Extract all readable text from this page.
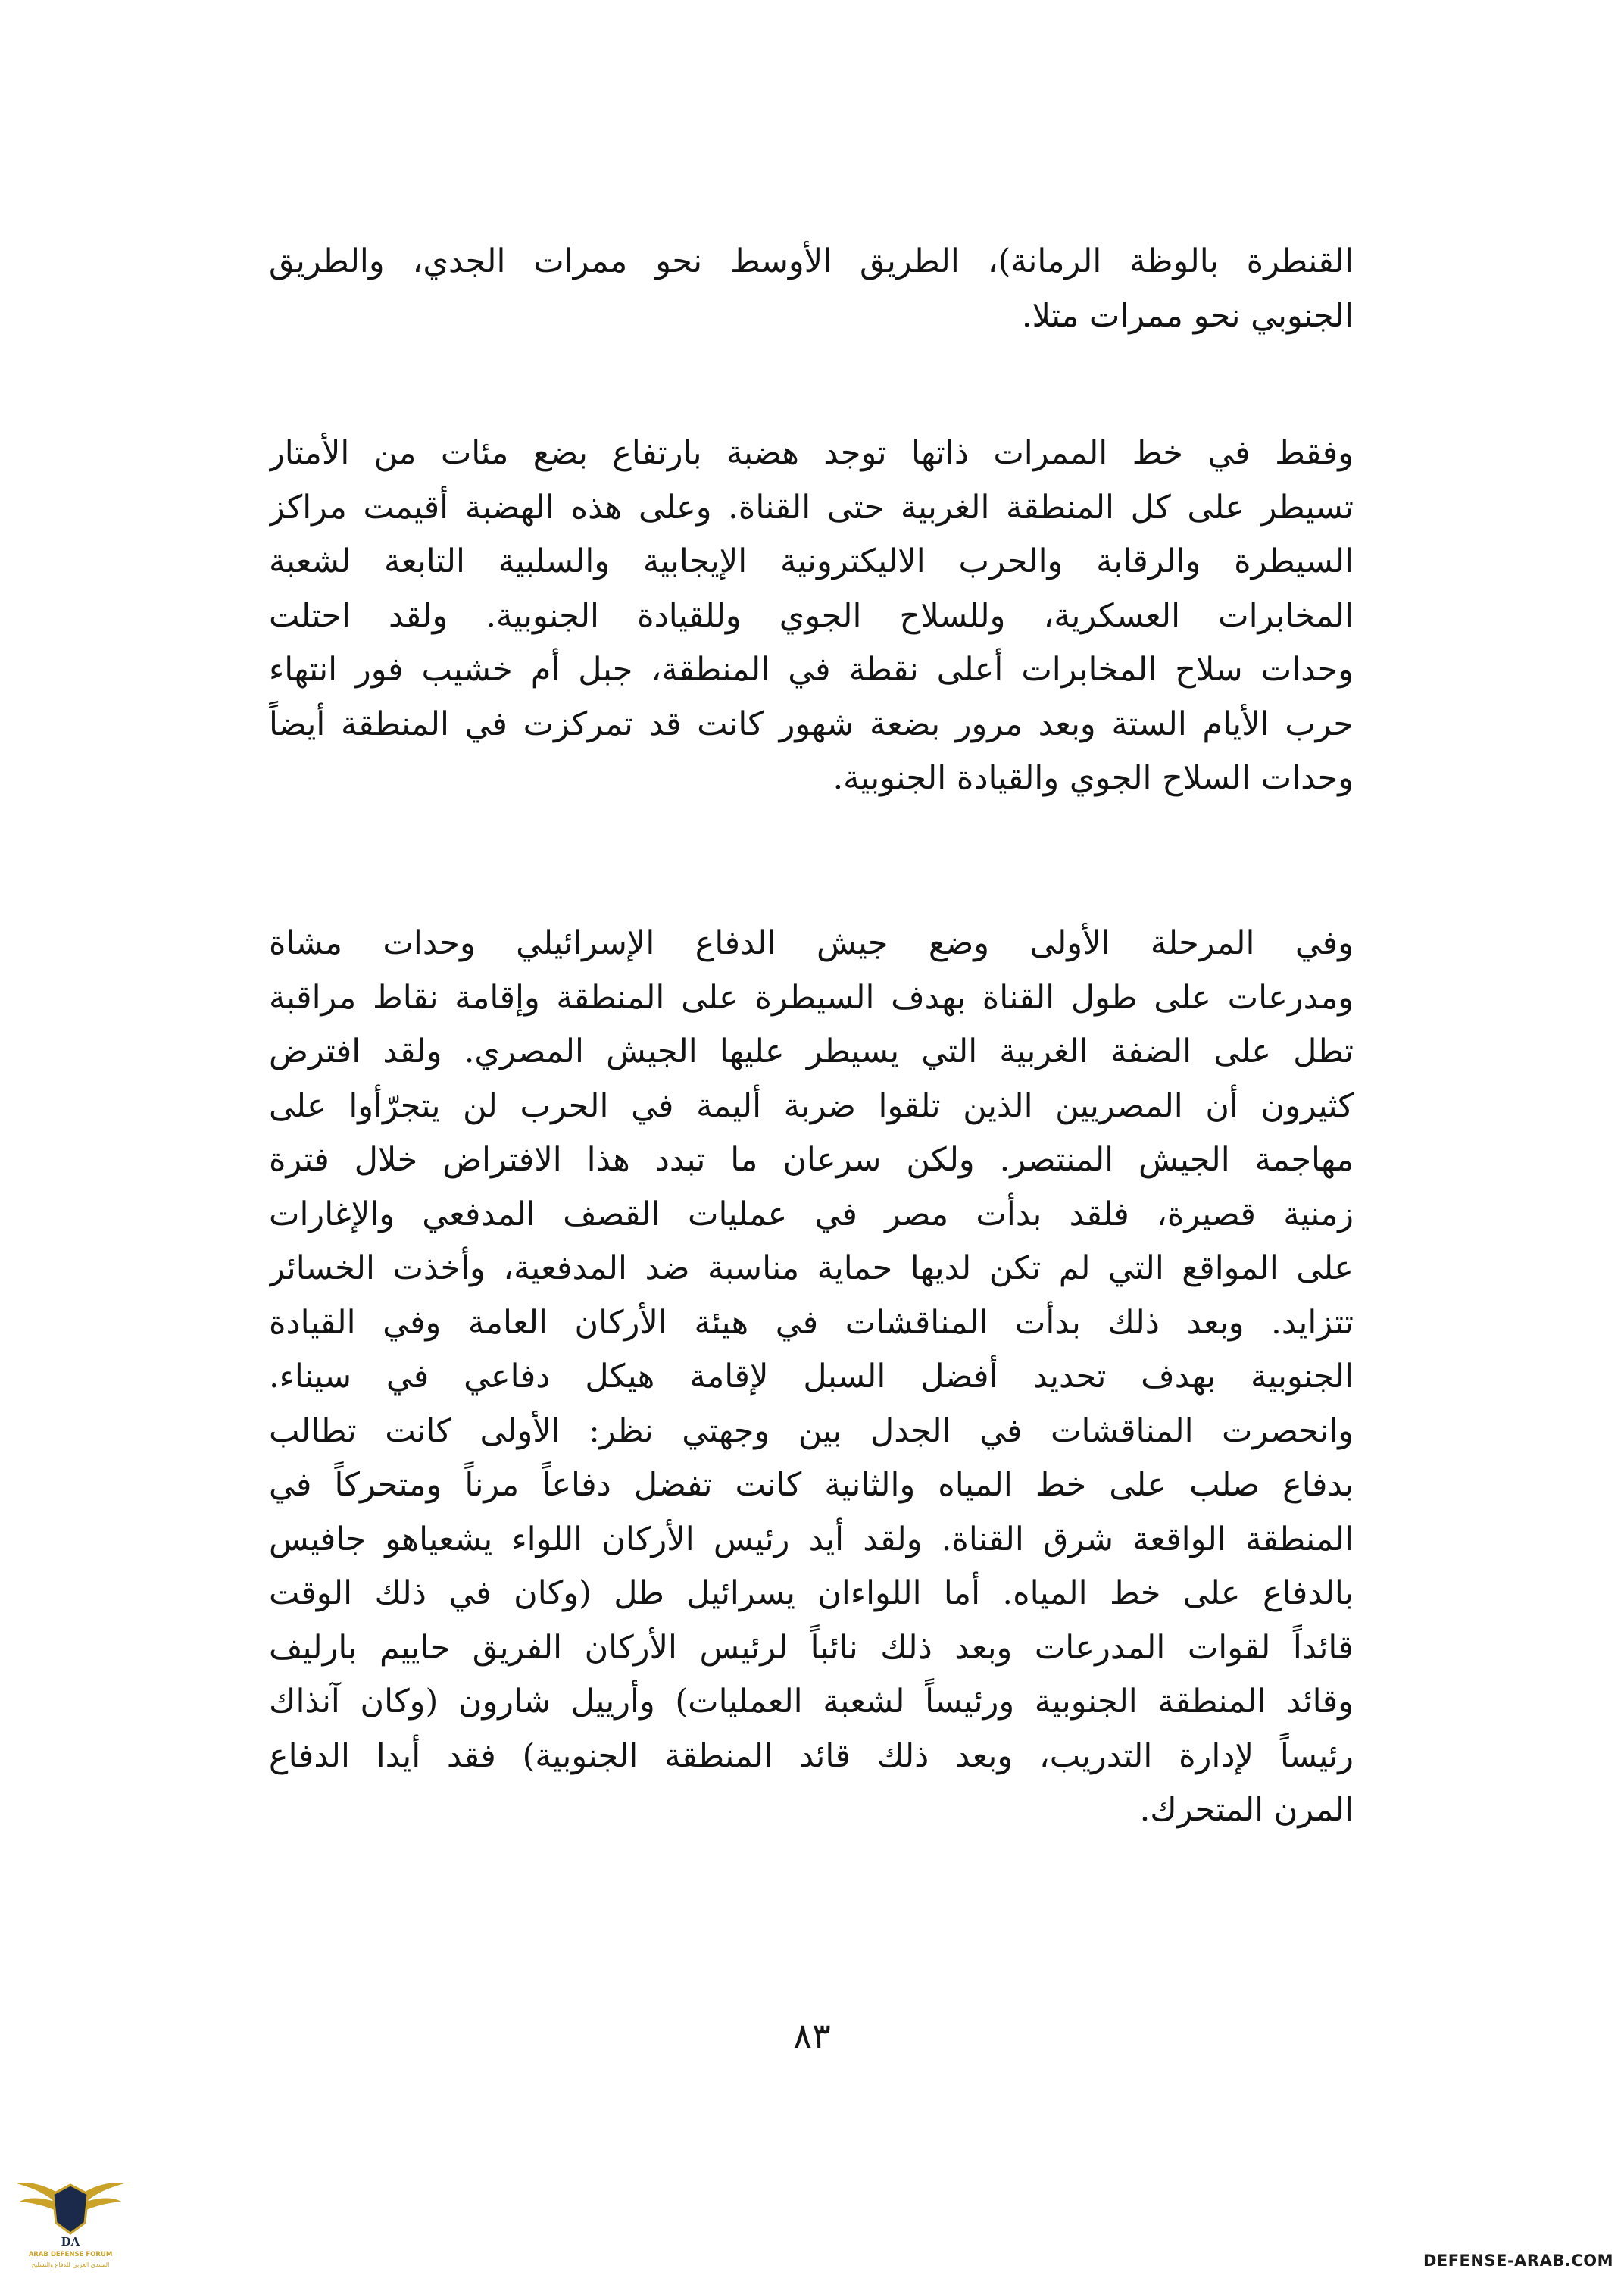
القنطرة بالوظة الرمانة)، الطريق الأوسط نحو ممرات الجدي، والطريق
الجنوبي نحو ممرات متلا.
وفقط في خط الممرات ذاتها توجد هضبة بارتفاع بضع مئات من الأمتار
تسيطر على كل المنطقة الغربية حتى القناة. وعلى هذه الهضبة أقيمت مراكز
السيطرة والرقابة والحرب الاليكترونية الإيجابية والسلبية التابعة لشعبة
المخابرات العسكرية، وللسلاح الجوي وللقيادة الجنوبية. ولقد احتلت
وحدات سلاح المخابرات أعلى نقطة في المنطقة، جبل أم خشيب فور انتهاء
حرب الأيام الستة وبعد مرور بضعة شهور كانت قد تمركزت في المنطقة أيضاً
وحدات السلاح الجوي والقيادة الجنوبية.
وفي المرحلة الأولى وضع جيش الدفاع الإسرائيلي وحدات مشاة
ومدرعات على طول القناة بهدف السيطرة على المنطقة وإقامة نقاط مراقبة
تطل على الضفة الغربية التي يسيطر عليها الجيش المصري. ولقد افترض
كثيرون أن المصريين الذين تلقوا ضربة أليمة في الحرب لن يتجرّأوا على
مهاجمة الجيش المنتصر. ولكن سرعان ما تبدد هذا الافتراض خلال فترة
زمنية قصيرة، فلقد بدأت مصر في عمليات القصف المدفعي والإغارات
على المواقع التي لم تكن لديها حماية مناسبة ضد المدفعية، وأخذت الخسائر
تتزايد. وبعد ذلك بدأت المناقشات في هيئة الأركان العامة وفي القيادة
الجنوبية بهدف تحديد أفضل السبل لإقامة هيكل دفاعي في سيناء.
وانحصرت المناقشات في الجدل بين وجهتي نظر: الأولى كانت تطالب
بدفاع صلب على خط المياه والثانية كانت تفضل دفاعاً مرناً ومتحركاً في
المنطقة الواقعة شرق القناة. ولقد أيد رئيس الأركان اللواء يشعياهو جافيس
بالدفاع على خط المياه. أما اللواءان يسرائيل طل (وكان في ذلك الوقت
قائداً لقوات المدرعات وبعد ذلك نائباً لرئيس الأركان الفريق حاييم بارليف
وقائد المنطقة الجنوبية ورئيساً لشعبة العمليات) وأرييل شارون (وكان آنذاك
رئيساً لإدارة التدريب، وبعد ذلك قائد المنطقة الجنوبية) فقد أيدا الدفاع
المرن المتحرك.
٨٣
DA
ARAB DEFENSE FORUM
المنتدى العربي للدفاع والتسليح	DEFENSE-ARAB.COM
